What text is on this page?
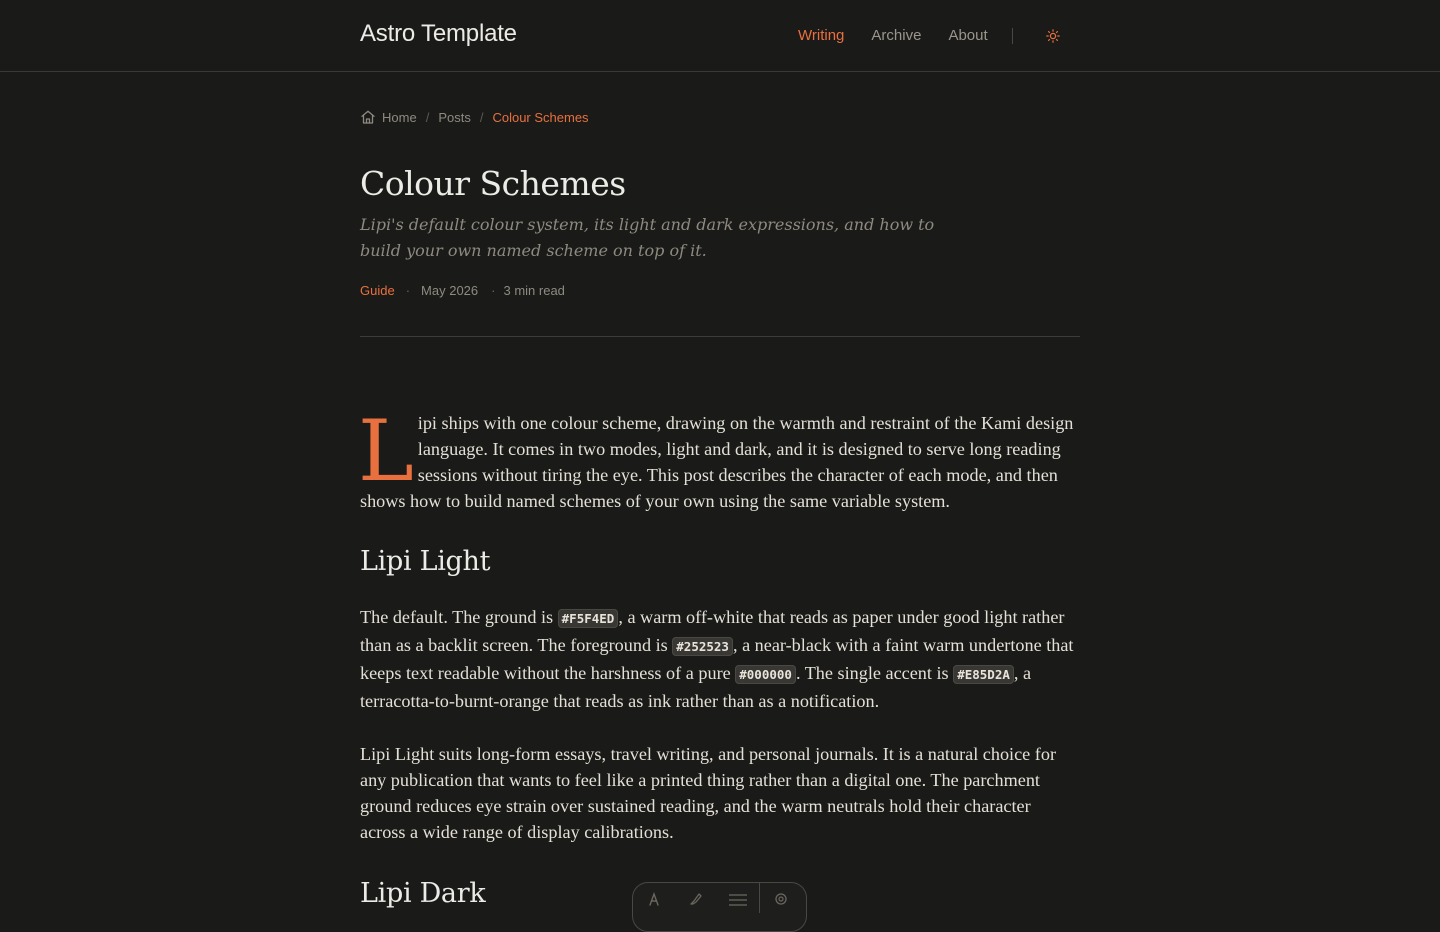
Astro Template	Writing Archive About
Home / Posts / Colour Schemes
Colour Schemes

Lipi's default colour system, its light and dark expressions, and how to build your own named scheme on top of it.

Guide · May 2026 · 3 min read

Lipi ships with one colour scheme, drawing on the warmth and restraint of the Kami design language. It comes in two modes, light and dark, and it is designed to serve long reading sessions without tiring the eye. This post describes the character of each mode, and then shows how to build named schemes of your own using the same variable system.

Lipi Light

The default. The ground is #F5F4ED , a warm off-white that reads as paper under good light rather than as a backlit screen. The foreground is #252523 , a near-black with a faint warm undertone that keeps text readable without the harshness of a pure #000000 . The single accent is #E85D2A , a terracotta-to-burnt-orange that reads as ink rather than as a notification.

Lipi Light suits long-form essays, travel writing, and personal journals. It is a natural choice for any publication that wants to feel like a printed thing rather than a digital one. The parchment ground reduces eye strain over sustained reading, and the warm neutrals hold their character across a wide range of display calibrations.

Lipi Dark
